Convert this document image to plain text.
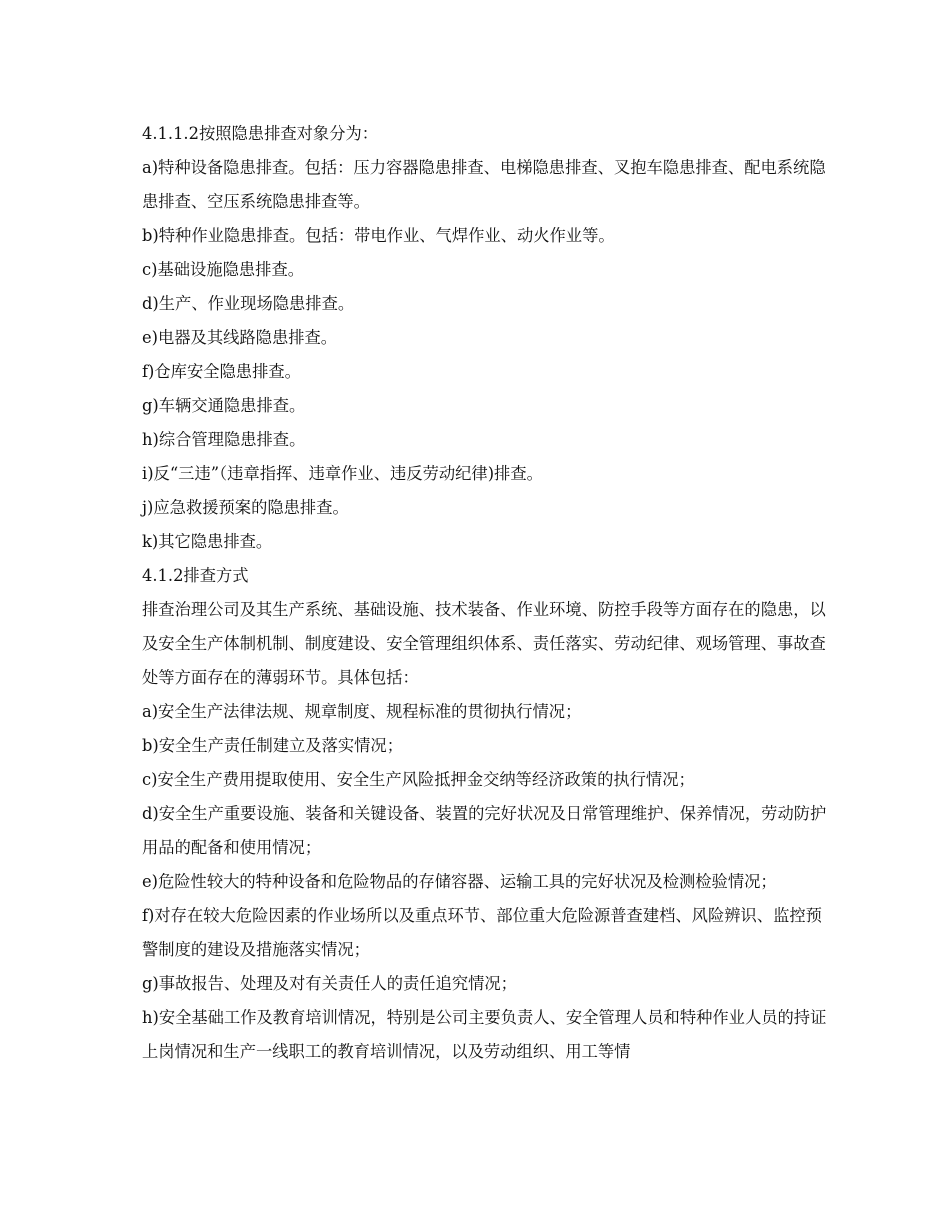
4.1.1.2按照隐患排查对象分为：

a)特种设备隐患排查。包括：压力容器隐患排查、电梯隐患排查、叉抱车隐患排查、配电系统隐患排查、空压系统隐患排查等。

b)特种作业隐患排查。包括：带电作业、气焊作业、动火作业等。

c)基础设施隐患排查。

d)生产、作业现场隐患排查。

e)电器及其线路隐患排查。

f)仓库安全隐患排查。

g)车辆交通隐患排查。

h)综合管理隐患排查。

i)反“三违”（违章指挥、违章作业、违反劳动纪律)排查。

j)应急救援预案的隐患排查。

k)其它隐患排查。

4.1.2排查方式

排查治理公司及其生产系统、基础设施、技术装备、作业环境、防控手段等方面存在的隐患，以及安全生产体制机制、制度建设、安全管理组织体系、责任落实、劳动纪律、观场管理、事故查处等方面存在的薄弱环节。具体包括：

a)安全生产法律法规、规章制度、规程标准的贯彻执行情况；

b)安全生产责任制建立及落实情况；

c)安全生产费用提取使用、安全生产风险抵押金交纳等经济政策的执行情况；

d)安全生产重要设施、装备和关键设备、装置的完好状况及日常管理维护、保养情况，劳动防护用品的配备和使用情况；

e)危险性较大的特种设备和危险物品的存储容器、运输工具的完好状况及检测检验情况；

f)对存在较大危险因素的作业场所以及重点环节、部位重大危险源普查建档、风险辨识、监控预警制度的建设及措施落实情况；

g)事故报告、处理及对有关责任人的责任追究情况；

h)安全基础工作及教育培训情况，特别是公司主要负责人、安全管理人员和特种作业人员的持证上岗情况和生产一线职工的教育培训情况，以及劳动组织、用工等情
